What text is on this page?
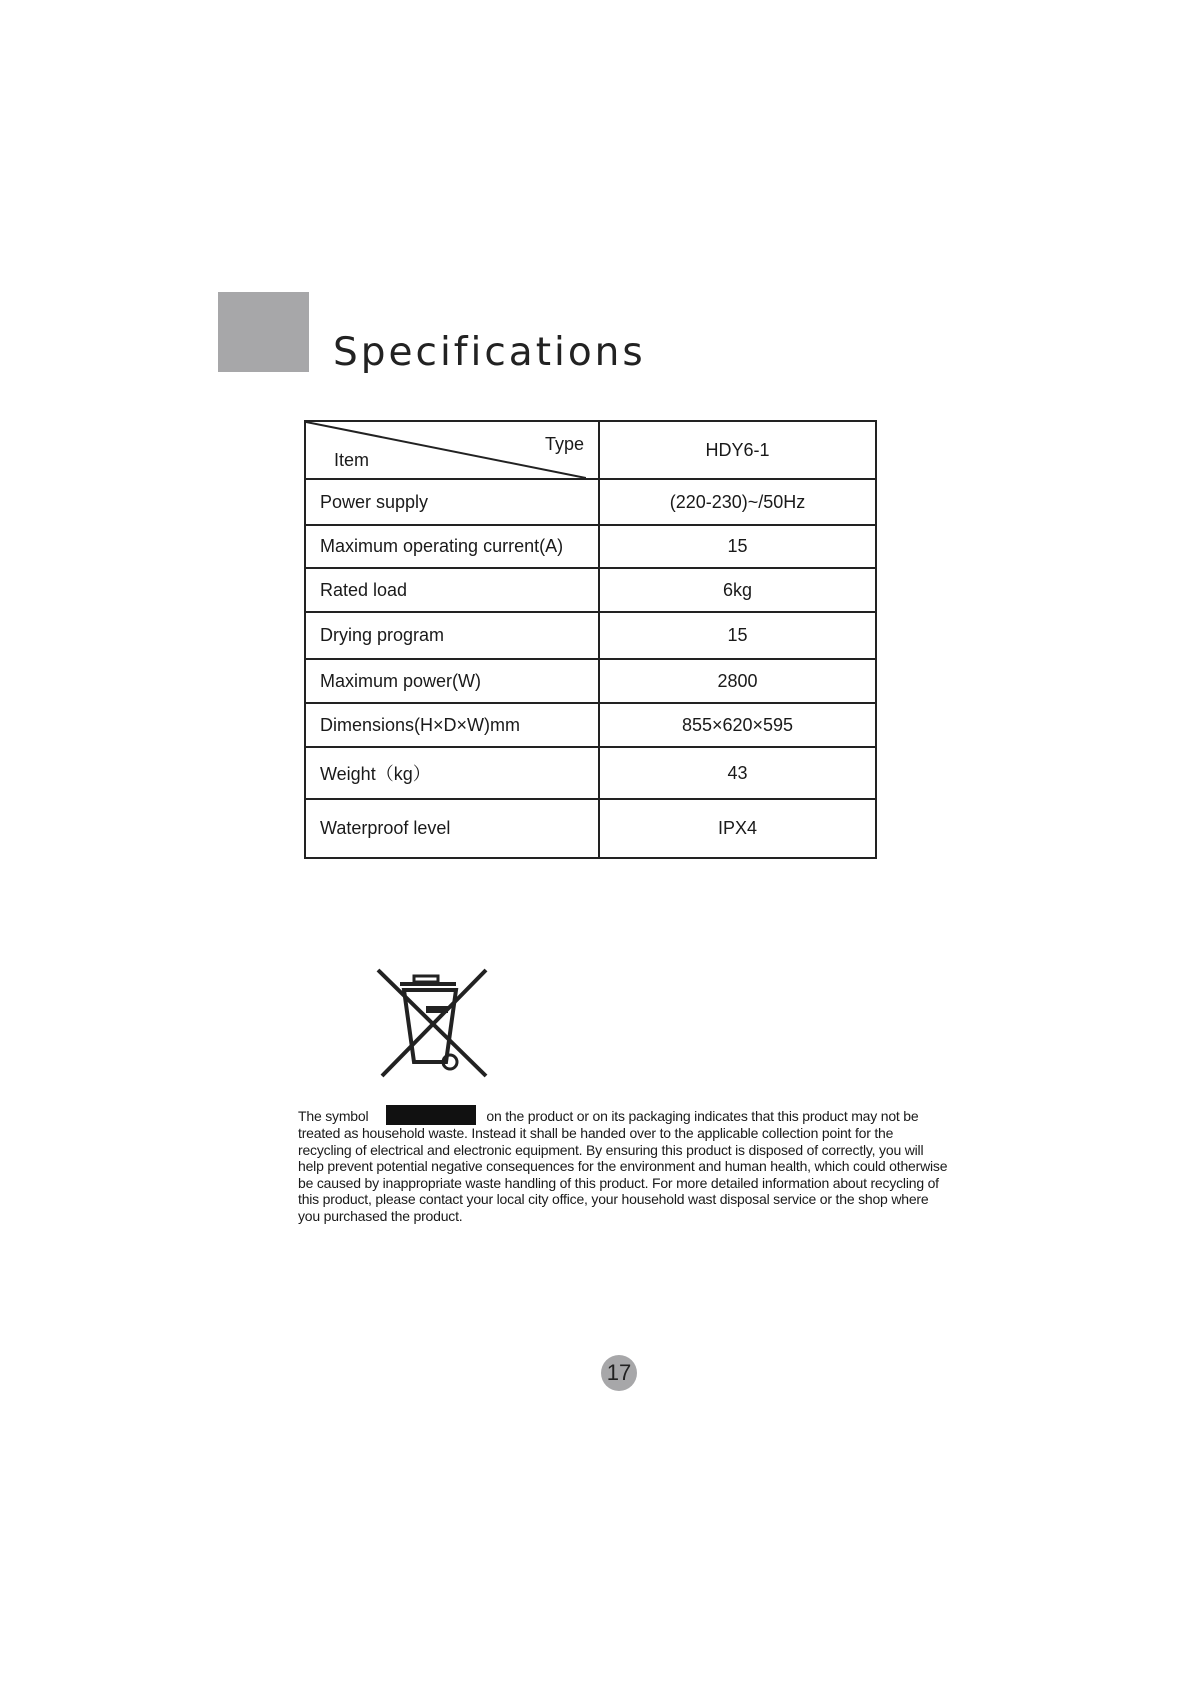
Specifications
Type
Item	HDY6-1
Power supply	(220-230)~/50Hz
Maximum operating current(A)	15
Rated load	6kg
Drying program	15
Maximum power(W)	2800
Dimensions(H×D×W)mm	855×620×595
Weight（kg）	43
Waterproof level	IPX4
The symbol	on the product or on its packaging indicates that this product may not be treated as household waste. Instead it shall be handed over to the applicable collection point for the recycling of electrical and electronic equipment. By ensuring this product is disposed of correctly, you will help prevent potential negative consequences for the environment and human health, which could otherwise be caused by inappropriate waste handling of this product. For more detailed information about recycling of this product, please contact your local city office, your household wast disposal service or the shop where you purchased the product.
17
